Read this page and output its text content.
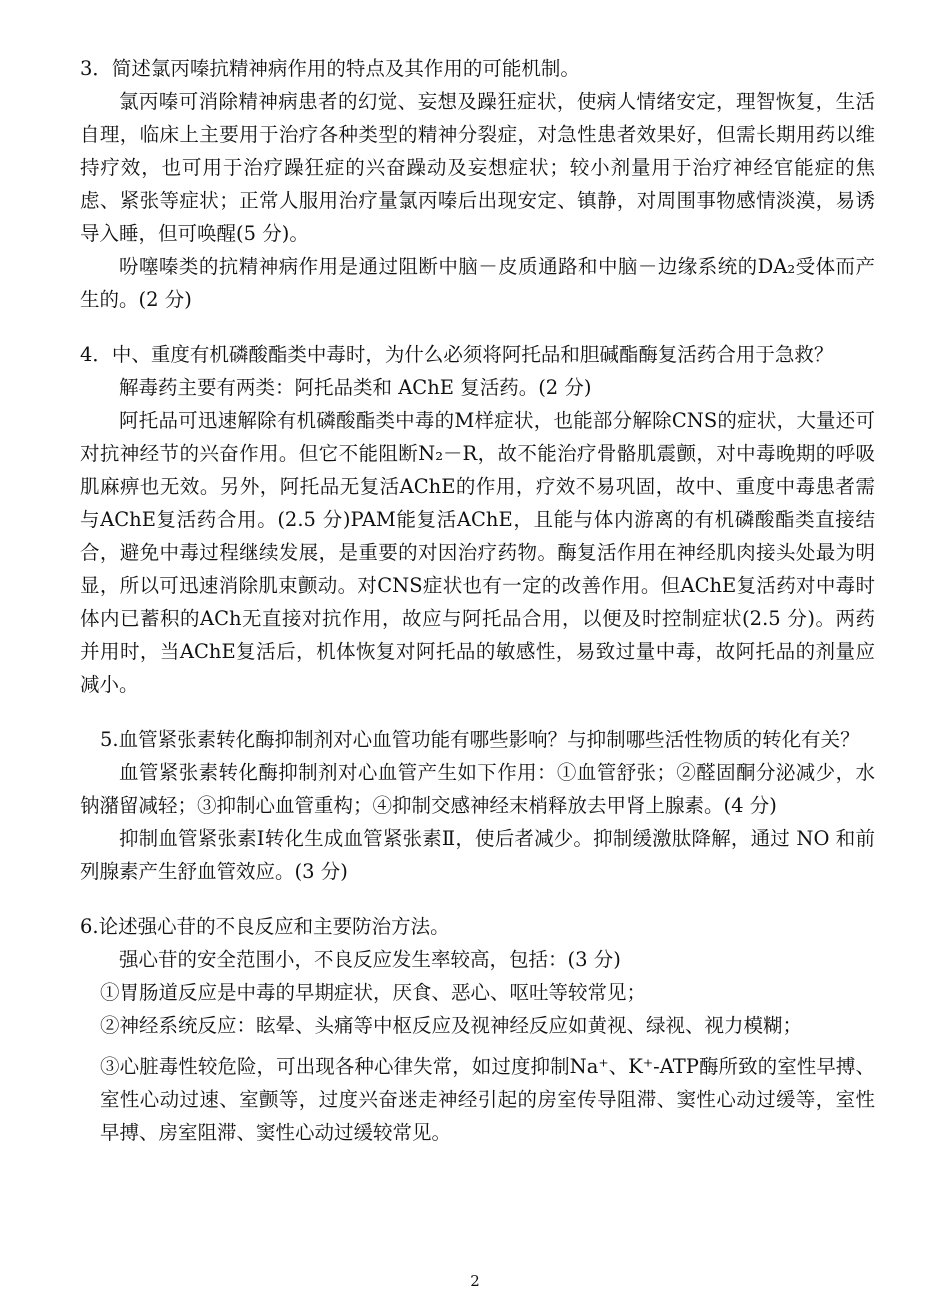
3．简述氯丙嗪抗精神病作用的特点及其作用的可能机制。

氯丙嗪可消除精神病患者的幻觉、妄想及躁狂症状，使病人情绪安定，理智恢复，生活自理，临床上主要用于治疗各种类型的精神分裂症，对急性患者效果好，但需长期用药以维持疗效，也可用于治疗躁狂症的兴奋躁动及妄想症状；较小剂量用于治疗神经官能症的焦虑、紧张等症状；正常人服用治疗量氯丙嗪后出现安定、镇静，对周围事物感情淡漠，易诱导入睡，但可唤醒(5 分)。

吩噻嗪类的抗精神病作用是通过阻断中脑－皮质通路和中脑－边缘系统的DA₂受体而产生的。(2 分)

4．中、重度有机磷酸酯类中毒时，为什么必须将阿托品和胆碱酯酶复活药合用于急救？

解毒药主要有两类：阿托品类和 AChE 复活药。(2 分)

阿托品可迅速解除有机磷酸酯类中毒的M样症状，也能部分解除CNS的症状，大量还可对抗神经节的兴奋作用。但它不能阻断N₂－R，故不能治疗骨骼肌震颤，对中毒晚期的呼吸肌麻痹也无效。另外，阿托品无复活AChE的作用，疗效不易巩固，故中、重度中毒患者需与AChE复活药合用。(2.5 分)PAM能复活AChE，且能与体内游离的有机磷酸酯类直接结合，避免中毒过程继续发展，是重要的对因治疗药物。酶复活作用在神经肌肉接头处最为明显，所以可迅速消除肌束颤动。对CNS症状也有一定的改善作用。但AChE复活药对中毒时体内已蓄积的ACh无直接对抗作用，故应与阿托品合用，以便及时控制症状(2.5 分)。两药并用时，当AChE复活后，机体恢复对阿托品的敏感性，易致过量中毒，故阿托品的剂量应减小。

5.血管紧张素转化酶抑制剂对心血管功能有哪些影响？与抑制哪些活性物质的转化有关？

血管紧张素转化酶抑制剂对心血管产生如下作用：①血管舒张；②醛固酮分泌减少，水钠潴留减轻；③抑制心血管重构；④抑制交感神经末梢释放去甲肾上腺素。(4 分)

抑制血管紧张素Ⅰ转化生成血管紧张素Ⅱ，使后者减少。抑制缓激肽降解，通过 NO 和前列腺素产生舒血管效应。(3 分)

6.论述强心苷的不良反应和主要防治方法。

强心苷的安全范围小，不良反应发生率较高，包括：(3 分)

①胃肠道反应是中毒的早期症状，厌食、恶心、呕吐等较常见；

②神经系统反应：眩晕、头痛等中枢反应及视神经反应如黄视、绿视、视力模糊；

③心脏毒性较危险，可出现各种心律失常，如过度抑制Na⁺、K⁺-ATP酶所致的室性早搏、室性心动过速、室颤等，过度兴奋迷走神经引起的房室传导阻滞、窦性心动过缓等，室性早搏、房室阻滞、窦性心动过缓较常见。

2
